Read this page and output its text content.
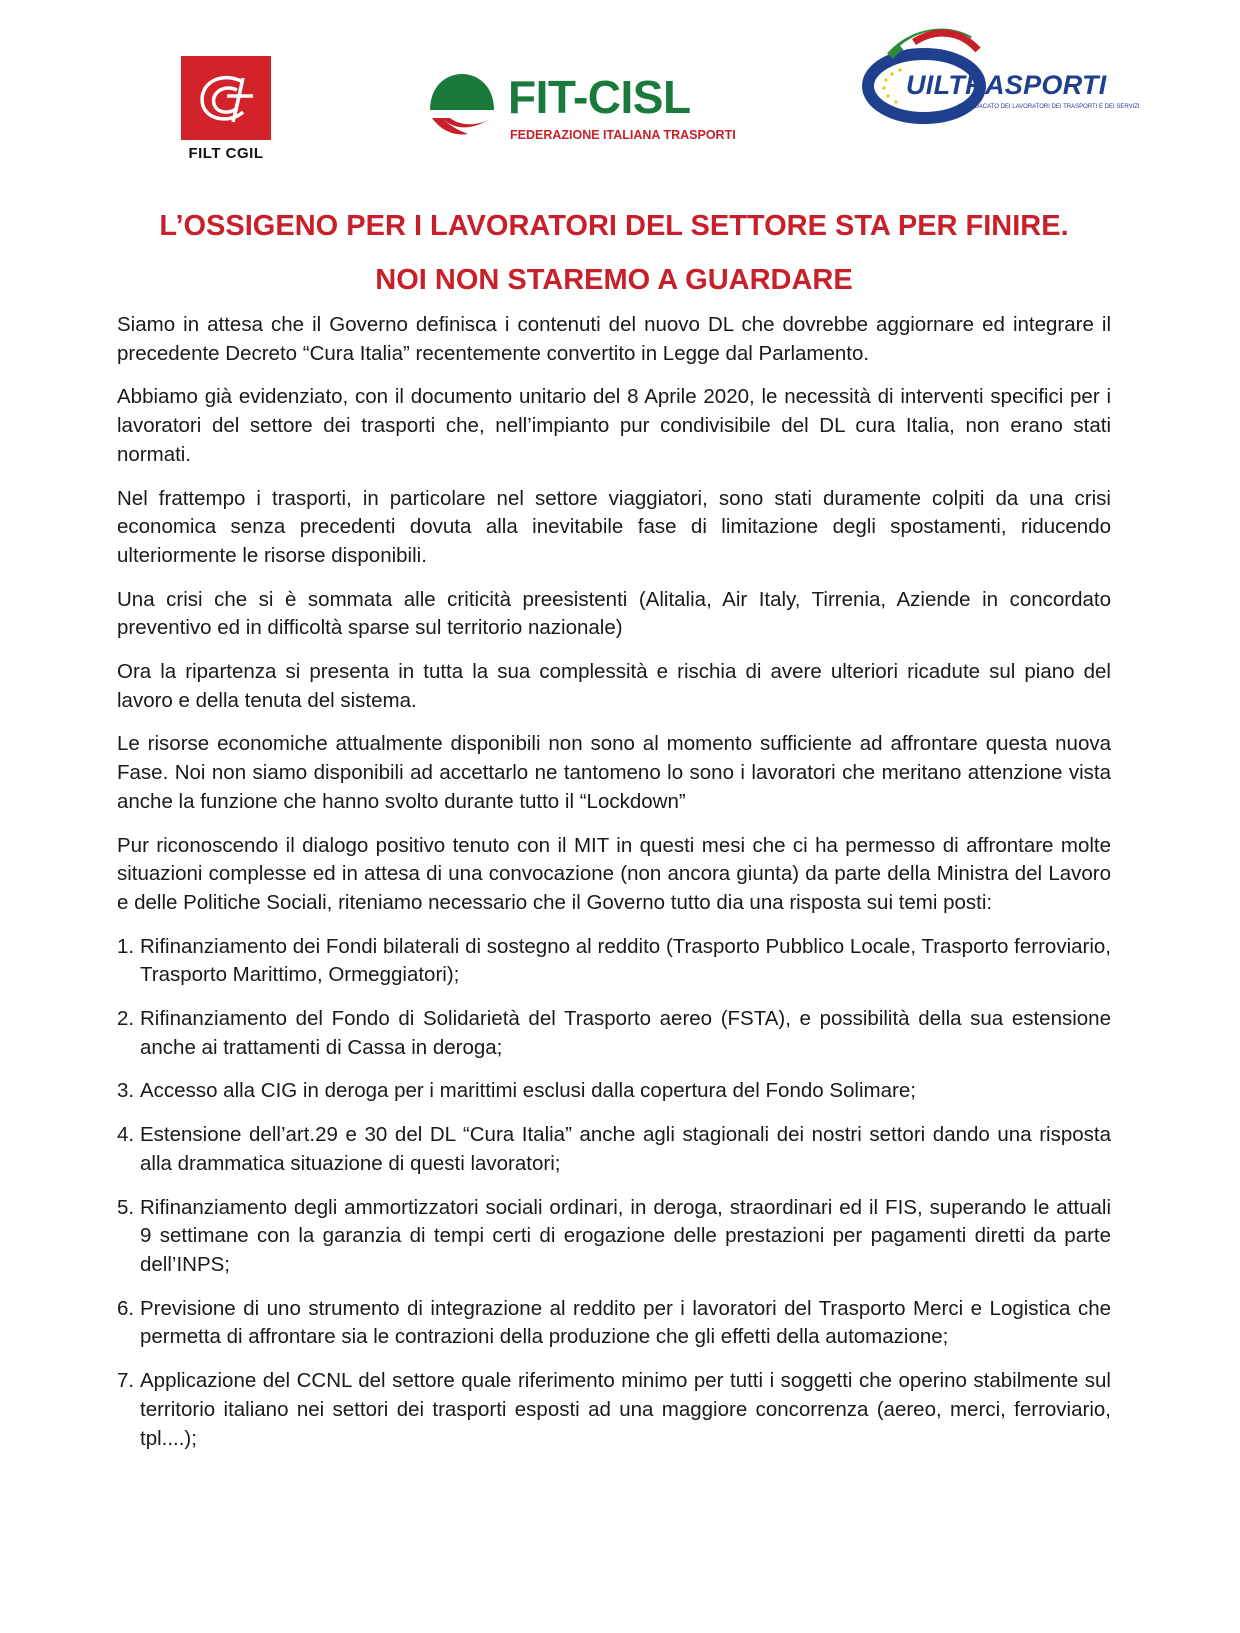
FILT CGIL
FIT-CISL
FEDERAZIONE ITALIANA TRASPORTI
UILTRASPORTI
IL SINDACATO DEI LAVORATORI DEI TRASPORTI E DEI SERVIZI
L’OSSIGENO PER I LAVORATORI DEL SETTORE STA PER FINIRE.
NOI NON STAREMO A GUARDARE

Siamo in attesa che il Governo definisca i contenuti del nuovo DL che dovrebbe aggiornare ed integrare il precedente Decreto “Cura Italia” recentemente convertito in Legge dal Parlamento.

Abbiamo già evidenziato, con il documento unitario del 8 Aprile 2020, le necessità di interventi specifici per i lavoratori del settore dei trasporti che, nell’impianto pur condivisibile del DL cura Italia, non erano stati normati.

Nel frattempo i trasporti, in particolare nel settore viaggiatori, sono stati duramente colpiti da una crisi economica senza precedenti dovuta alla inevitabile fase di limitazione degli spostamenti, riducendo ulteriormente le risorse disponibili.

Una crisi che si è sommata alle criticità preesistenti (Alitalia, Air Italy, Tirrenia, Aziende in concordato preventivo ed in difficoltà sparse sul territorio nazionale)

Ora la ripartenza si presenta in tutta la sua complessità e rischia di avere ulteriori ricadute sul piano del lavoro e della tenuta del sistema.

Le risorse economiche attualmente disponibili non sono al momento sufficiente ad affrontare questa nuova Fase. Noi non siamo disponibili ad accettarlo ne tantomeno lo sono i lavoratori che meritano attenzione vista anche la funzione che hanno svolto durante tutto il “Lockdown”

Pur riconoscendo il dialogo positivo tenuto con il MIT in questi mesi che ci ha permesso di affrontare molte situazioni complesse ed in attesa di una convocazione (non ancora giunta) da parte della Ministra del Lavoro e delle Politiche Sociali, riteniamo necessario che il Governo tutto dia una risposta sui temi posti:

1. Rifinanziamento dei Fondi bilaterali di sostegno al reddito (Trasporto Pubblico Locale, Trasporto ferroviario, Trasporto Marittimo, Ormeggiatori);
2. Rifinanziamento del Fondo di Solidarietà del Trasporto aereo (FSTA), e possibilità della sua estensione anche ai trattamenti di Cassa in deroga;
3. Accesso alla CIG in deroga per i marittimi esclusi dalla copertura del Fondo Solimare;
4. Estensione dell’art.29 e 30 del DL “Cura Italia” anche agli stagionali dei nostri settori dando una risposta alla drammatica situazione di questi lavoratori;
5. Rifinanziamento degli ammortizzatori sociali ordinari, in deroga, straordinari ed il FIS, superando le attuali 9 settimane con la garanzia di tempi certi di erogazione delle prestazioni per pagamenti diretti da parte dell’INPS;
6. Previsione di uno strumento di integrazione al reddito per i lavoratori del Trasporto Merci e Logistica che permetta di affrontare sia le contrazioni della produzione che gli effetti della automazione;
7. Applicazione del CCNL del settore quale riferimento minimo per tutti i soggetti che operino stabilmente sul territorio italiano nei settori dei trasporti esposti ad una maggiore concorrenza (aereo, merci, ferroviario, tpl....);
